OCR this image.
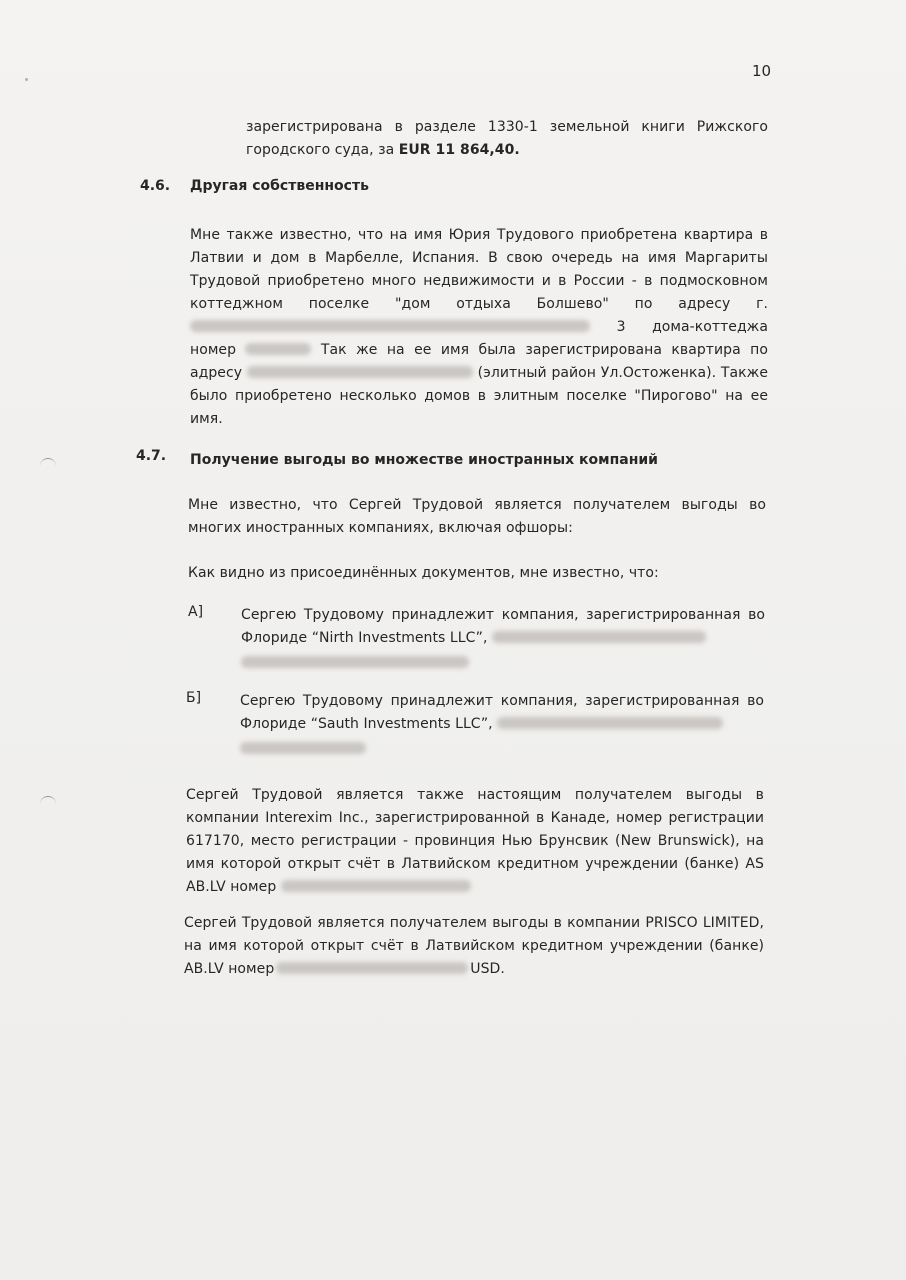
10

зарегистрирована в разделе 1330-1 земельной книги Рижского городского суда, за EUR 11 864,40.

4.6. Другая собственность

Мне также известно, что на имя Юрия Трудового приобретена квартира в Латвии и дом в Марбелле, Испания. В свою очередь на имя Маргариты Трудовой приобретено много недвижимости и в России - в подмосковном коттеджном поселке "дом отдыха Болшево" по адресу г.  3 дома-коттеджа номер	Так же на ее имя была зарегистрирована квартира по адресу	(элитный район Ул.Остоженка). Также было приобретено несколько домов в элитным поселке "Пирогово" на ее имя.

4.7. Получение выгоды во множестве иностранных компаний

Мне известно, что Сергей Трудовой является получателем выгоды во многих иностранных компаниях, включая офшоры:

Как видно из присоединённых документов, мне известно, что:

А]	Сергею Трудовому принадлежит компания, зарегистрированная во Флориде “Nirth Investments LLC”,
Б]	Сергею Трудовому принадлежит компания, зарегистрированная во Флориде “Sauth Investments LLC”,

Сергей Трудовой является также настоящим получателем выгоды в компании Interexim Inc., зарегистрированной в Канаде, номер регистрации 617170, место регистрации - провинция Нью Брунсвик (New Brunswick), на имя которой открыт счёт в Латвийском кредитном учреждении (банке) AS AB.LV номер

Сергей Трудовой является получателем выгоды в компании PRISCO LIMITED, на имя которой открыт счёт в Латвийском кредитном учреждении (банке) AB.LV номер	USD.
